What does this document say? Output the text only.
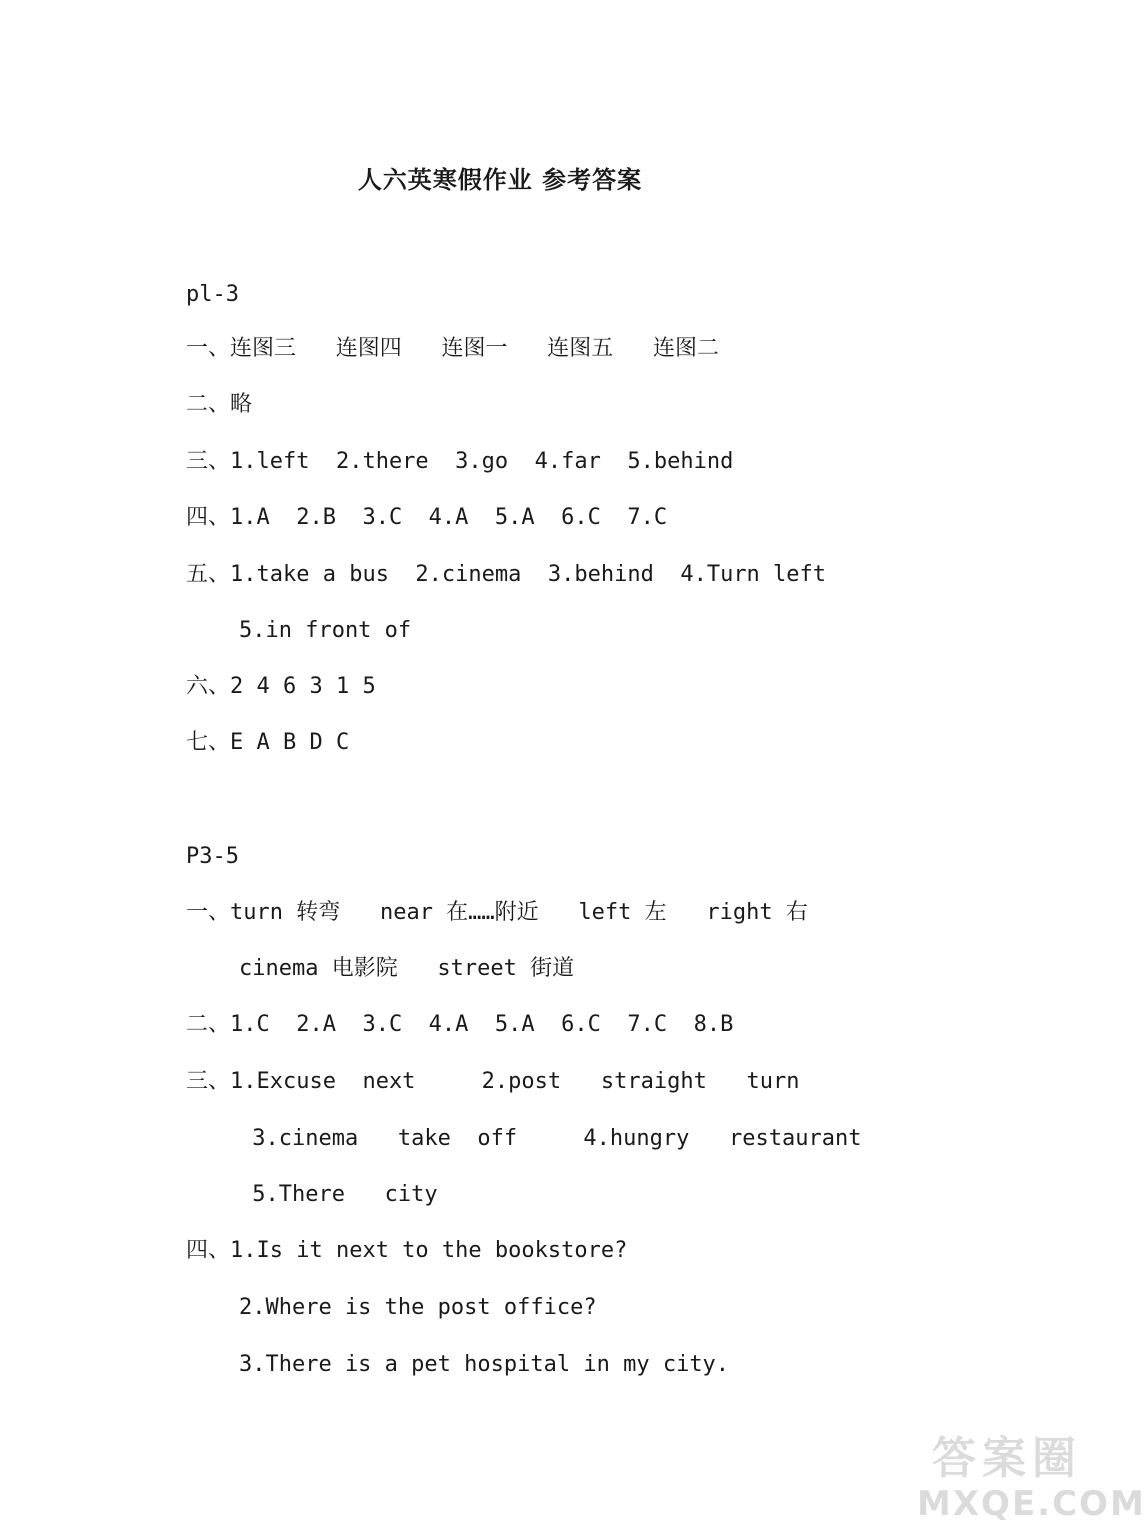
人六英寒假作业 参考答案
pl-3
一、连图三   连图四   连图一   连图五   连图二
二、略
三、1.left  2.there  3.go  4.far  5.behind
四、1.A  2.B  3.C  4.A  5.A  6.C  7.C
五、1.take a bus  2.cinema  3.behind  4.Turn left
5.in front of
六、2 4 6 3 1 5
七、E A B D C
P3-5
一、turn 转弯   near 在……附近   left 左   right 右
cinema 电影院   street 街道
二、1.C  2.A  3.C  4.A  5.A  6.C  7.C  8.B
三、1.Excuse  next     2.post   straight   turn
3.cinema   take  off     4.hungry   restaurant
5.There   city
四、1.Is it next to the bookstore?
2.Where is the post office?
3.There is a pet hospital in my city.
答案圈
MXQE.COM
